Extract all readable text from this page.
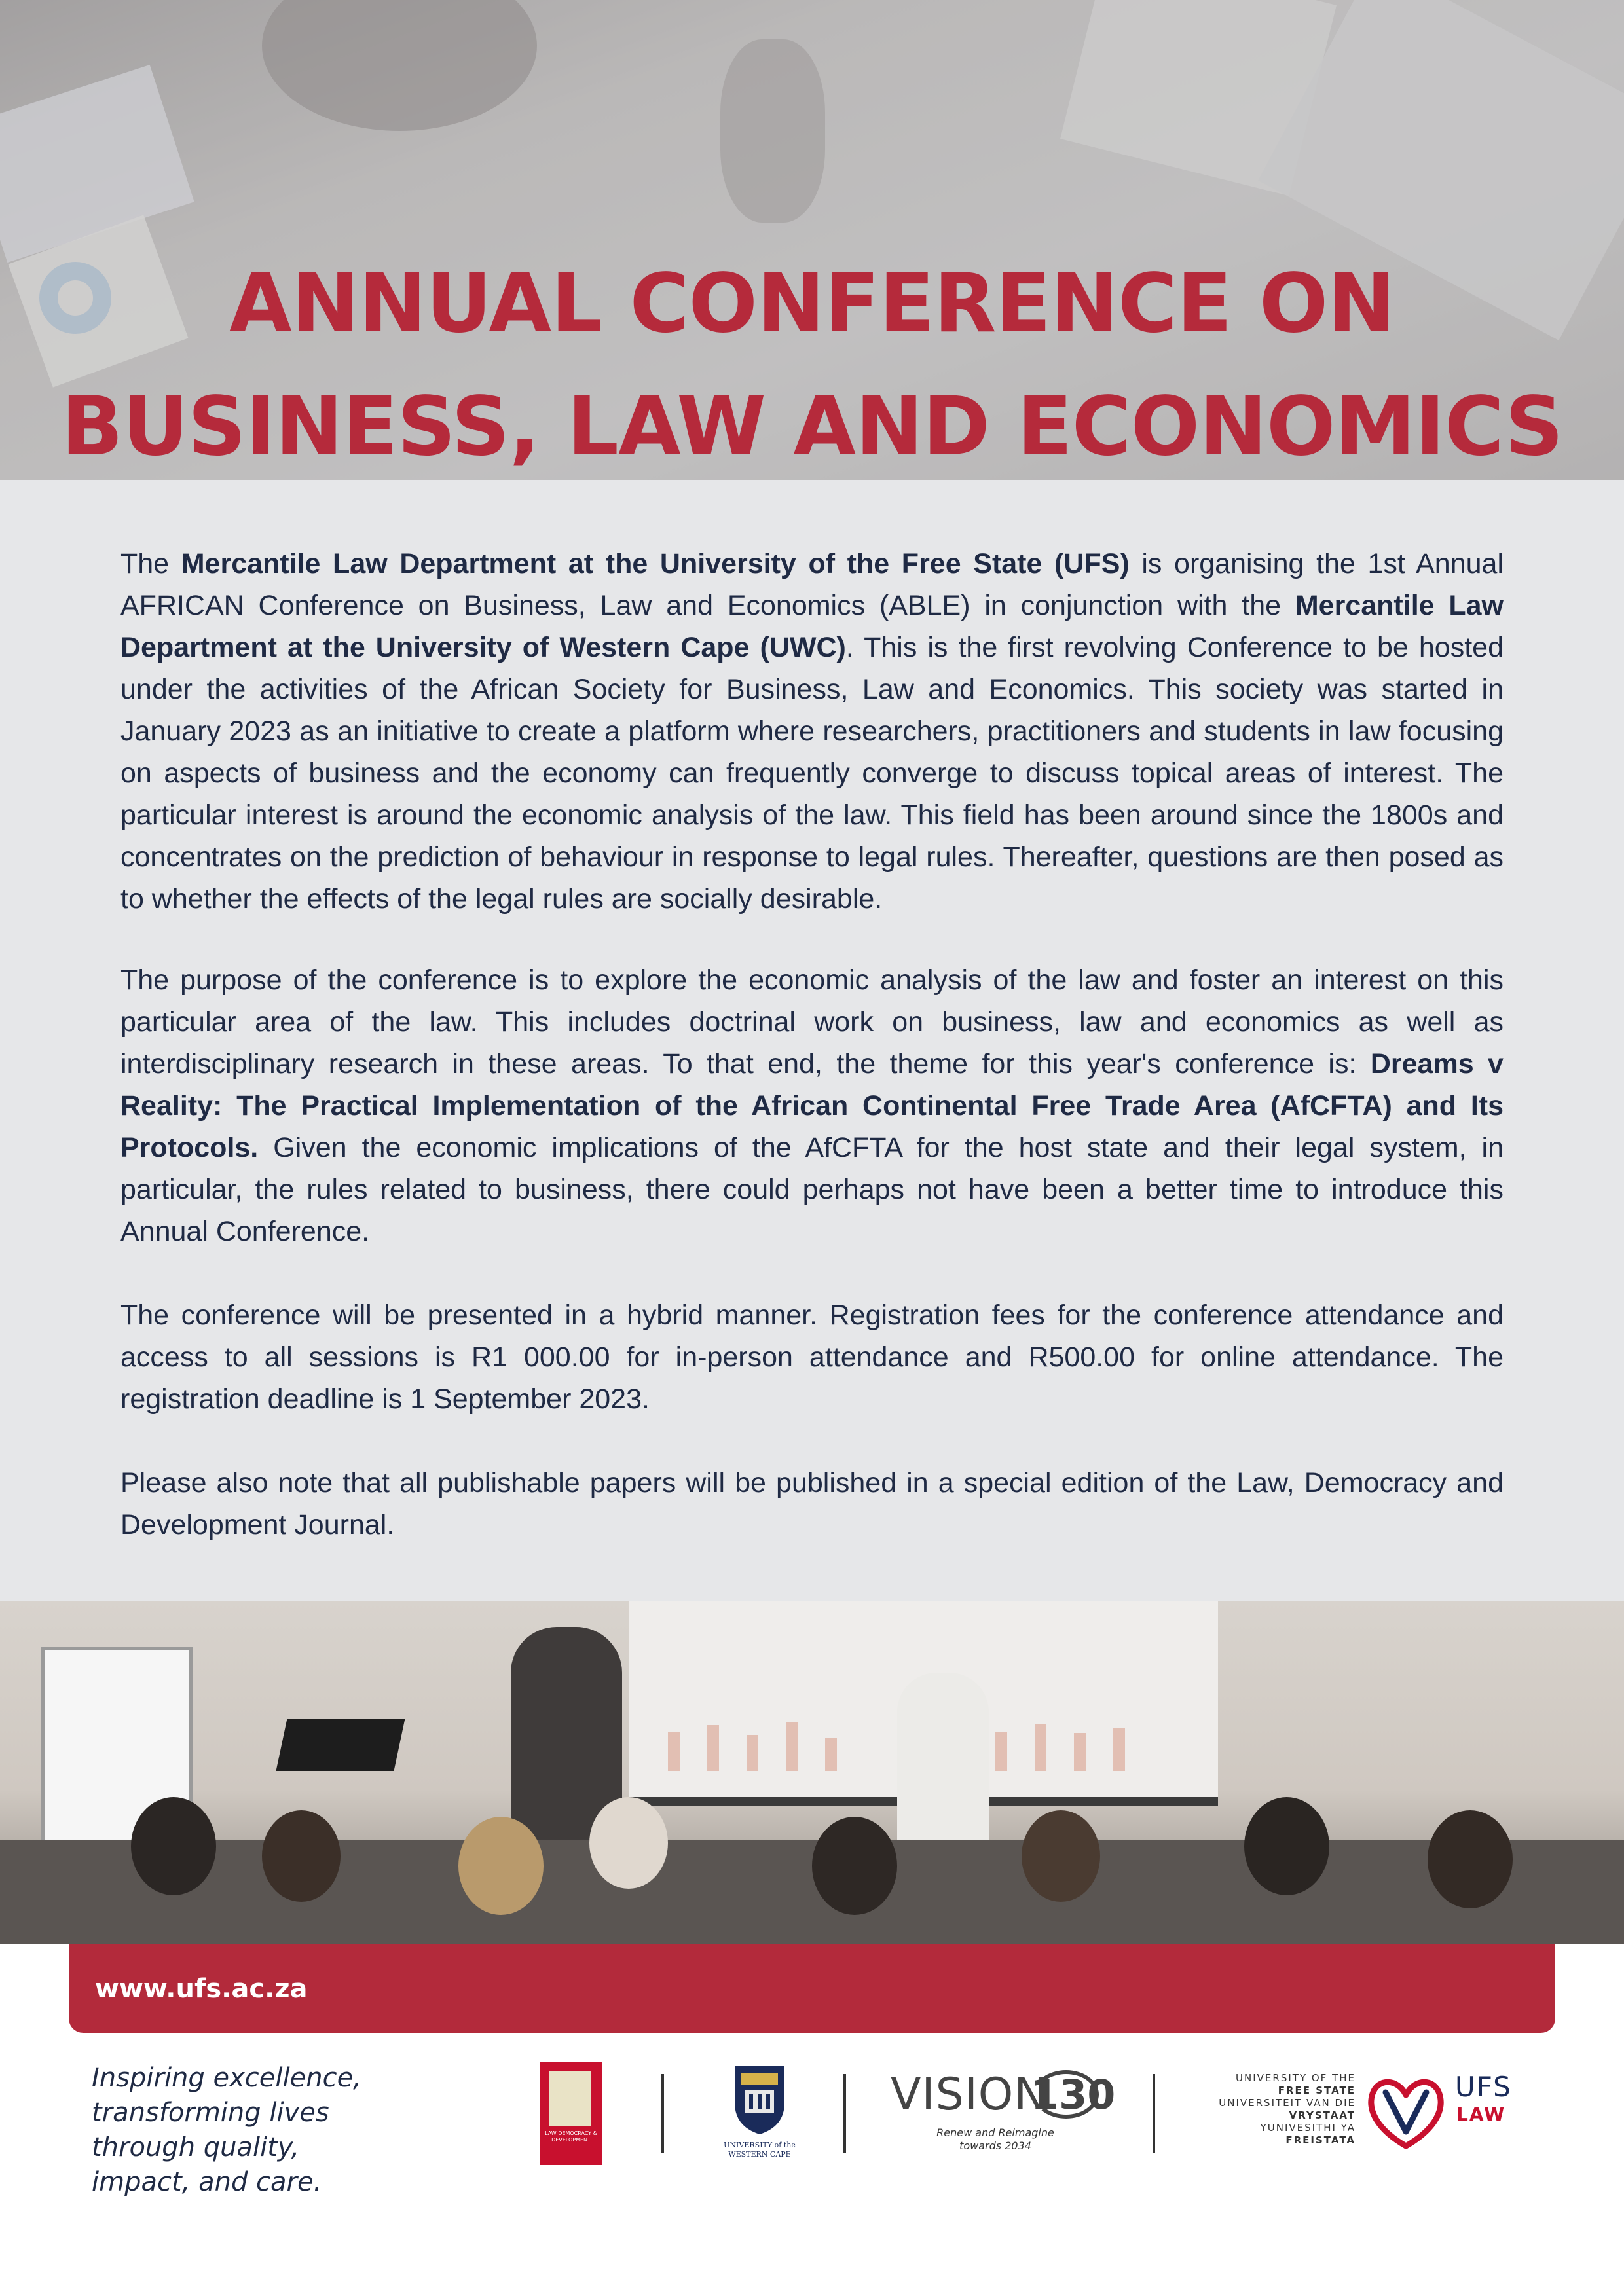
ANNUAL CONFERENCE ON
BUSINESS, LAW AND ECONOMICS

The Mercantile Law Department at the University of the Free State (UFS) is organising the 1st Annual AFRICAN Conference on Business, Law and Economics (ABLE) in conjunction with the Mercantile Law Department at the University of Western Cape (UWC). This is the first revolving Conference to be hosted under the activities of the African Society for Business, Law and Economics. This society was started in January 2023 as an initiative to create a platform where researchers, practitioners and students in law focusing on aspects of business and the economy can frequently converge to discuss topical areas of interest. The particular interest is around the economic analysis of the law. This field has been around since the 1800s and concentrates on the prediction of behaviour in response to legal rules. Thereafter, questions are then posed as to whether the effects of the legal rules are socially desirable.

The purpose of the conference is to explore the economic analysis of the law and foster an interest on this particular area of the law. This includes doctrinal work on business, law and economics as well as interdisciplinary research in these areas. To that end, the theme for this year's conference is: Dreams v Reality: The Practical Implementation of the African Continental Free Trade Area (AfCFTA) and Its Protocols. Given the economic implications of the AfCFTA for the host state and their legal system, in particular, the rules related to business, there could perhaps not have been a better time to introduce this Annual Conference.

The conference will be presented in a hybrid manner. Registration fees for the conference attendance and access to all sessions is R1 000.00 for in-person attendance and R500.00 for online attendance. The registration deadline is 1 September 2023.

Please also note that all publishable papers will be published in a special edition of the Law, Democracy and Development Journal.

www.ufs.ac.za

Inspiring excellence,
transforming lives
through quality,
impact, and care.

LAW DEMOCRACY & DEVELOPMENT
UNIVERSITY of the WESTERN CAPE
VISION
130
Renew and Reimagine
towards 2034
UNIVERSITY OF THE
FREE STATE
UNIVERSITEIT VAN DIE
VRYSTAAT
YUNIVESITHI YA
FREISTATA
UFS
LAW
